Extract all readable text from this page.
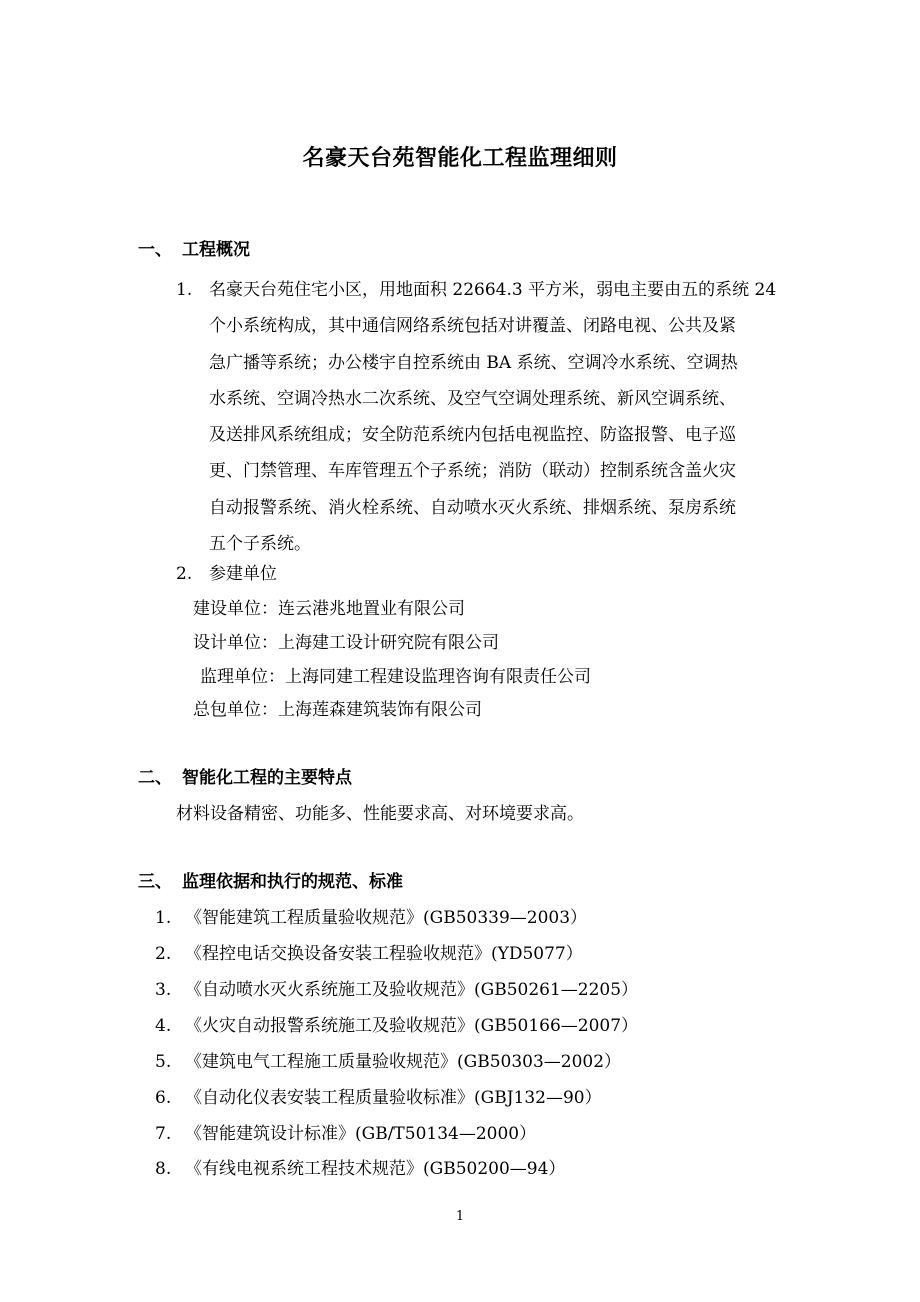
名豪天台苑智能化工程监理细则
一、 工程概况
1. 名豪天台苑住宅小区，用地面积 22664.3 平方米，弱电主要由五的系统 24
个小系统构成，其中通信网络系统包括对讲覆盖、闭路电视、公共及紧
急广播等系统；办公楼宇自控系统由 BA 系统、空调冷水系统、空调热
水系统、空调冷热水二次系统、及空气空调处理系统、新风空调系统、
及送排风系统组成；安全防范系统内包括电视监控、防盗报警、电子巡
更、门禁管理、车库管理五个子系统；消防（联动）控制系统含盖火灾
自动报警系统、消火栓系统、自动喷水灭火系统、排烟系统、泵房系统
五个子系统。
2. 参建单位
建设单位：连云港兆地置业有限公司
设计单位：上海建工设计研究院有限公司
监理单位：上海同建工程建设监理咨询有限责任公司
总包单位：上海莲森建筑装饰有限公司
二、 智能化工程的主要特点
材料设备精密、功能多、性能要求高、对环境要求高。
三、 监理依据和执行的规范、标准
1. 《智能建筑工程质量验收规范》(GB50339—2003）
2. 《程控电话交换设备安装工程验收规范》(YD5077）
3. 《自动喷水灭火系统施工及验收规范》(GB50261—2205）
4. 《火灾自动报警系统施工及验收规范》(GB50166—2007）
5. 《建筑电气工程施工质量验收规范》(GB50303—2002）
6. 《自动化仪表安装工程质量验收标准》(GBJ132—90）
7. 《智能建筑设计标准》(GB/T50134—2000）
8. 《有线电视系统工程技术规范》(GB50200—94）
1
